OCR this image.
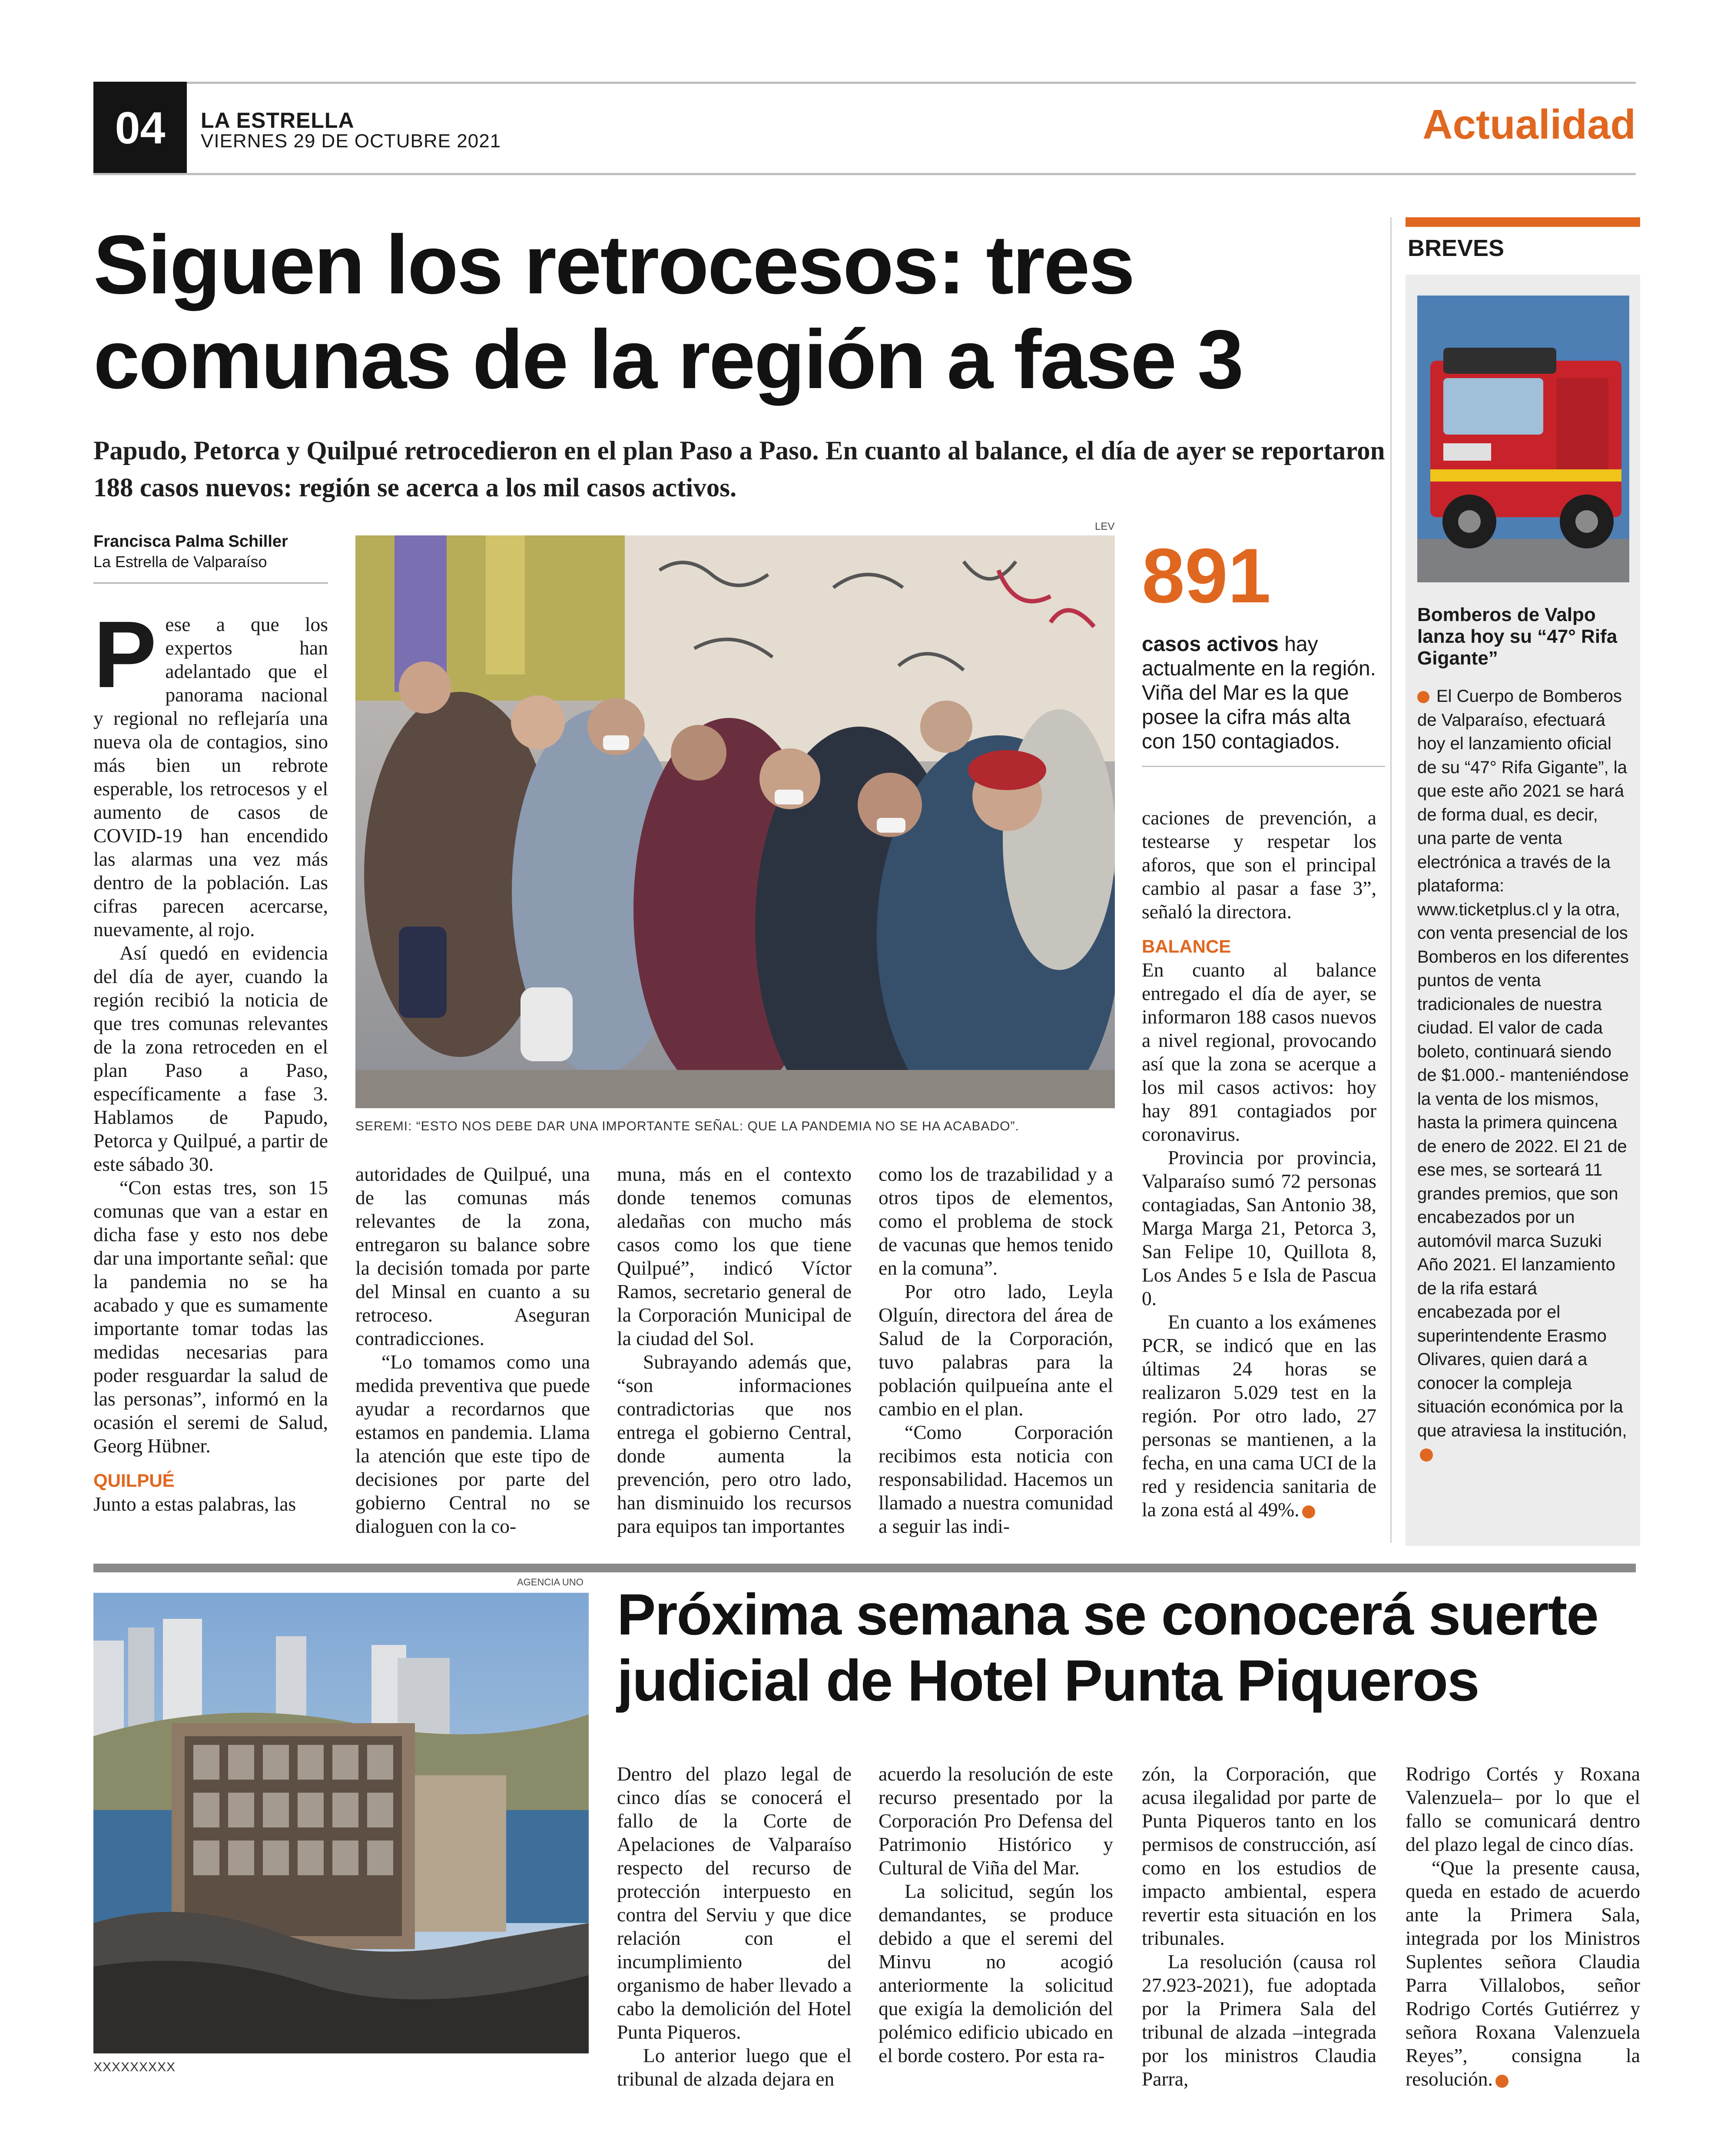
04	LA ESTRELLA
VIERNES 29 DE OCTUBRE 2021	Actualidad
Siguen los retrocesos: tres
comunas de la región a fase 3
Papudo, Petorca y Quilpué retrocedieron en el plan Paso a Paso. En cuanto al balance, el día de ayer se reportaron 188 casos nuevos: región se acerca a los mil casos activos.
Francisca Palma Schiller
La Estrella de Valparaíso

Pese a que los expertos han adelantado que el panorama nacional y regional no reflejaría una nueva ola de contagios, sino más bien un rebrote esperable, los retrocesos y el aumento de casos de COVID-19 han encendido las alarmas una vez más dentro de la población. Las cifras parecen acercarse, nuevamente, al rojo.

Así quedó en evidencia del día de ayer, cuando la región recibió la noticia de que tres comunas relevantes de la zona retroceden en el plan Paso a Paso, específicamente a fase 3. Hablamos de Papudo, Petorca y Quilpué, a partir de este sábado 30.

“Con estas tres, son 15 comunas que van a estar en dicha fase y esto nos debe dar una importante señal: que la pandemia no se ha acabado y que es sumamente importante tomar todas las medidas necesarias para poder resguardar la salud de las personas”, informó en la ocasión el seremi de Salud, Georg Hübner.

QUILPUÉ

Junto a estas palabras, las

LEV
SEREMI: “ESTO NOS DEBE DAR UNA IMPORTANTE SEÑAL: QUE LA PANDEMIA NO SE HA ACABADO”.

autoridades de Quilpué, una de las comunas más relevantes de la zona, entregaron su balance sobre la decisión tomada por parte del Minsal en cuanto a su retroceso. Aseguran contradicciones.

“Lo tomamos como una medida preventiva que puede ayudar a recordarnos que estamos en pandemia. Llama la atención que este tipo de decisiones por parte del gobierno Central no se dialoguen con la co-

muna, más en el contexto donde tenemos comunas aledañas con mucho más casos como los que tiene Quilpué”, indicó Víctor Ramos, secretario general de la Corporación Municipal de la ciudad del Sol.

Subrayando además que, “son informaciones contradictorias que nos entrega el gobierno Central, donde aumenta la prevención, pero otro lado, han disminuido los recursos para equipos tan importantes

como los de trazabilidad y a otros tipos de elementos, como el problema de stock de vacunas que hemos tenido en la comuna”.

Por otro lado, Leyla Olguín, directora del área de Salud de la Corporación, tuvo palabras para la población quilpueína ante el cambio en el plan.

“Como Corporación recibimos esta noticia con responsabilidad. Hacemos un llamado a nuestra comunidad a seguir las indi-

891
casos activos hay actualmente en la región. Viña del Mar es la que posee la cifra más alta con 150 contagiados.

caciones de prevención, a testearse y respetar los aforos, que son el principal cambio al pasar a fase 3”, señaló la directora.

BALANCE

En cuanto al balance entregado el día de ayer, se informaron 188 casos nuevos a nivel regional, provocando así que la zona se acerque a los mil casos activos: hoy hay 891 contagiados por coronavirus.

Provincia por provincia, Valparaíso sumó 72 personas contagiadas, San Antonio 38, Marga Marga 21, Petorca 3, San Felipe 10, Quillota 8, Los Andes 5 e Isla de Pascua 0.

En cuanto a los exámenes PCR, se indicó que en las últimas 24 horas se realizaron 5.029 test en la región. Por otro lado, 27 personas se mantienen, a la fecha, en una cama UCI de la red y residencia sanitaria de la zona está al 49%.

BREVES
Bomberos de Valpo lanza hoy su “47° Rifa Gigante”
El Cuerpo de Bomberos de Valparaíso, efectuará hoy el lanzamiento oficial de su “47° Rifa Gigante”, la que este año 2021 se hará de forma dual, es decir, una parte de venta electrónica a través de la plataforma: www.ticketplus.cl y la otra, con venta presencial de los Bomberos en los diferentes puntos de venta tradicionales de nuestra ciudad. El valor de cada boleto, continuará siendo de $1.000.- manteniéndose la venta de los mismos, hasta la primera quincena de enero de 2022. El 21 de ese mes, se sorteará 11 grandes premios, que son encabezados por un automóvil marca Suzuki Año 2021. El lanzamiento de la rifa estará encabezada por el superintendente Erasmo Olivares, quien dará a conocer la compleja situación económica por la que atraviesa la institución,
AGENCIA UNO
XXXXXXXXX
Próxima semana se conocerá suerte
judicial de Hotel Punta Piqueros

Dentro del plazo legal de cinco días se conocerá el fallo de la Corte de Apelaciones de Valparaíso respecto del recurso de protección interpuesto en contra del Serviu y que dice relación con el incumplimiento del organismo de haber llevado a cabo la demolición del Hotel Punta Piqueros.

Lo anterior luego que el tribunal de alzada dejara en

acuerdo la resolución de este recurso presentado por la Corporación Pro Defensa del Patrimonio Histórico y Cultural de Viña del Mar.

La solicitud, según los demandantes, se produce debido a que el seremi del Minvu no acogió anteriormente la solicitud que exigía la demolición del polémico edificio ubicado en el borde costero. Por esta ra-

zón, la Corporación, que acusa ilegalidad por parte de Punta Piqueros tanto en los permisos de construcción, así como en los estudios de impacto ambiental, espera revertir esta situación en los tribunales.

La resolución (causa rol 27.923-2021), fue adoptada por la Primera Sala del tribunal de alzada –integrada por los ministros Claudia Parra,

Rodrigo Cortés y Roxana Valenzuela– por lo que el fallo se comunicará dentro del plazo legal de cinco días.

“Que la presente causa, queda en estado de acuerdo ante la Primera Sala, integrada por los Ministros Suplentes señora Claudia Parra Villalobos, señor Rodrigo Cortés Gutiérrez y señora Roxana Valenzuela Reyes”, consigna la resolución.
